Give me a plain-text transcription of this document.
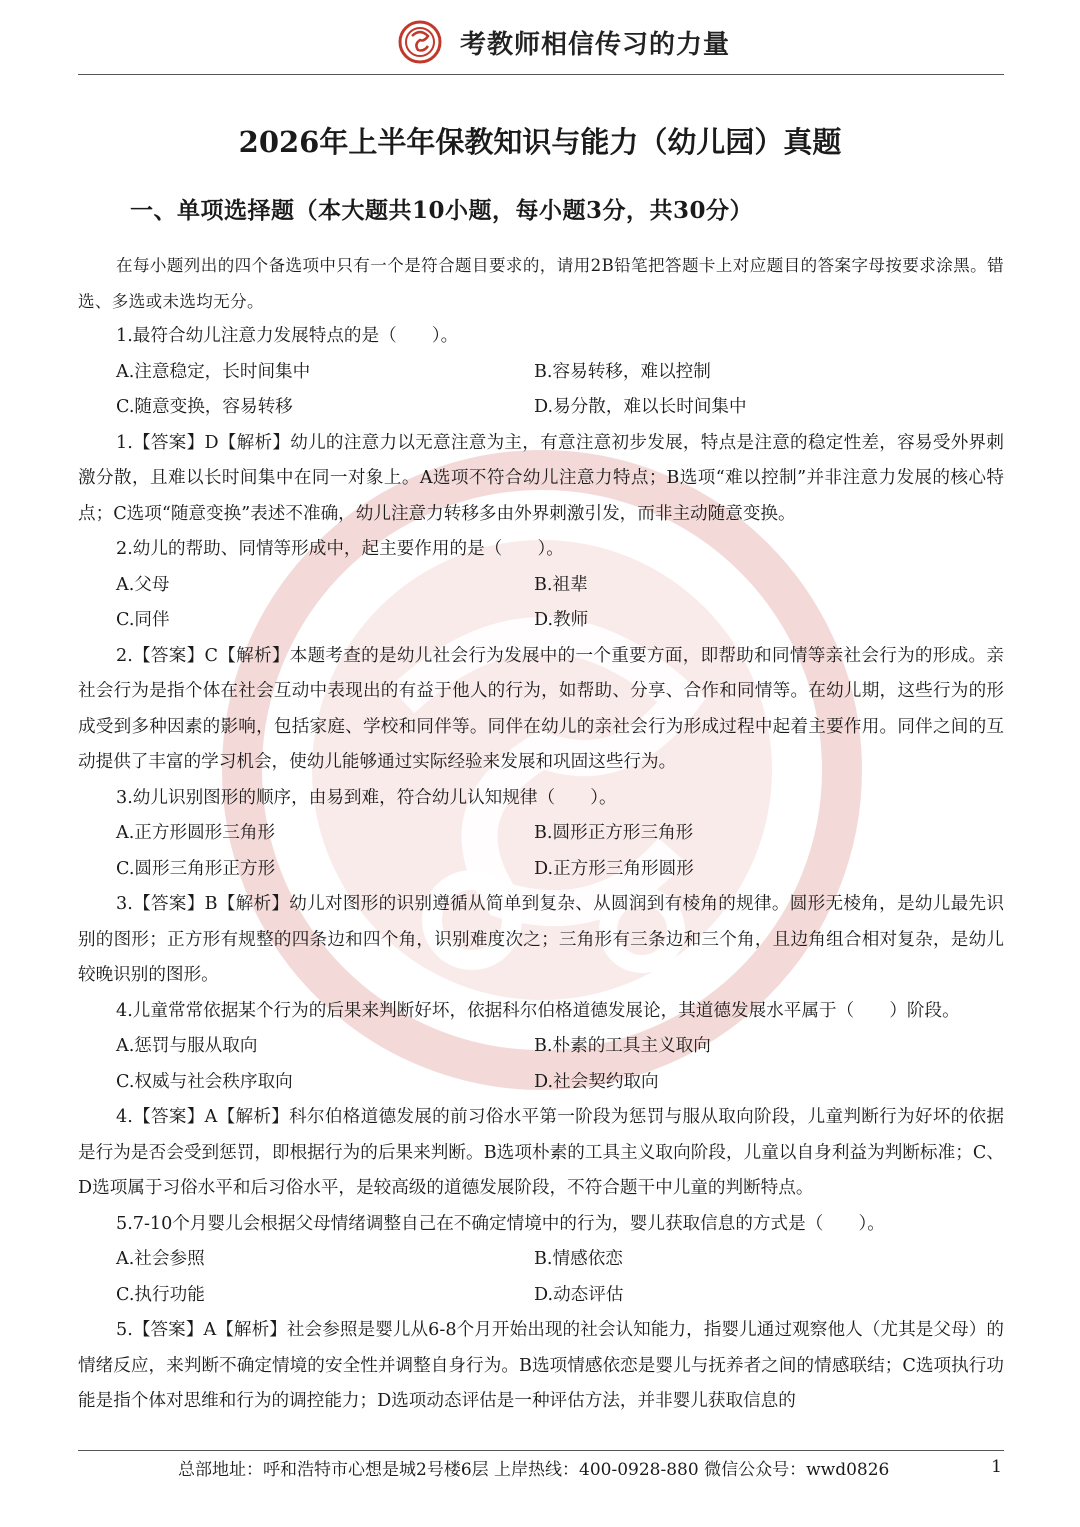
考教师相信传习的力量
2026年上半年保教知识与能力（幼儿园）真题
一、单项选择题（本大题共10小题，每小题3分，共30分）

在每小题列出的四个备选项中只有一个是符合题目要求的，请用2B铅笔把答题卡上对应题目的答案字母按要求涂黑。错选、多选或未选均无分。

1.最符合幼儿注意力发展特点的是（　　）。

A.注意稳定，长时间集中	B.容易转移，难以控制
C.随意变换，容易转移	D.易分散，难以长时间集中

1.【答案】D【解析】幼儿的注意力以无意注意为主，有意注意初步发展，特点是注意的稳定性差，容易受外界刺激分散，且难以长时间集中在同一对象上。A选项不符合幼儿注意力特点；B选项“难以控制”并非注意力发展的核心特点；C选项“随意变换”表述不准确，幼儿注意力转移多由外界刺激引发，而非主动随意变换。

2.幼儿的帮助、同情等形成中，起主要作用的是（　　）。

A.父母	B.祖辈
C.同伴	D.教师

2.【答案】C【解析】本题考查的是幼儿社会行为发展中的一个重要方面，即帮助和同情等亲社会行为的形成。亲社会行为是指个体在社会互动中表现出的有益于他人的行为，如帮助、分享、合作和同情等。在幼儿期，这些行为的形成受到多种因素的影响，包括家庭、学校和同伴等。同伴在幼儿的亲社会行为形成过程中起着主要作用。同伴之间的互动提供了丰富的学习机会，使幼儿能够通过实际经验来发展和巩固这些行为。

3.幼儿识别图形的顺序，由易到难，符合幼儿认知规律（　　）。

A.正方形圆形三角形	B.圆形正方形三角形
C.圆形三角形正方形	D.正方形三角形圆形

3.【答案】B【解析】幼儿对图形的识别遵循从简单到复杂、从圆润到有棱角的规律。圆形无棱角，是幼儿最先识别的图形；正方形有规整的四条边和四个角，识别难度次之；三角形有三条边和三个角，且边角组合相对复杂，是幼儿较晚识别的图形。

4.儿童常常依据某个行为的后果来判断好坏，依据科尔伯格道德发展论，其道德发展水平属于（　　）阶段。

A.惩罚与服从取向	B.朴素的工具主义取向
C.权威与社会秩序取向	D.社会契约取向

4.【答案】A【解析】科尔伯格道德发展的前习俗水平第一阶段为惩罚与服从取向阶段，儿童判断行为好坏的依据是行为是否会受到惩罚，即根据行为的后果来判断。B选项朴素的工具主义取向阶段，儿童以自身利益为判断标准；C、D选项属于习俗水平和后习俗水平，是较高级的道德发展阶段，不符合题干中儿童的判断特点。

5.7-10个月婴儿会根据父母情绪调整自己在不确定情境中的行为，婴儿获取信息的方式是（　　）。

A.社会参照	B.情感依恋
C.执行功能	D.动态评估

5.【答案】A【解析】社会参照是婴儿从6-8个月开始出现的社会认知能力，指婴儿通过观察他人（尤其是父母）的情绪反应，来判断不确定情境的安全性并调整自身行为。B选项情感依恋是婴儿与抚养者之间的情感联结；C选项执行功能是指个体对思维和行为的调控能力；D选项动态评估是一种评估方法，并非婴儿获取信息的

总部地址：呼和浩特市心想是城2号楼6层 上岸热线：400-0928-880 微信公众号：wwd0826	1
